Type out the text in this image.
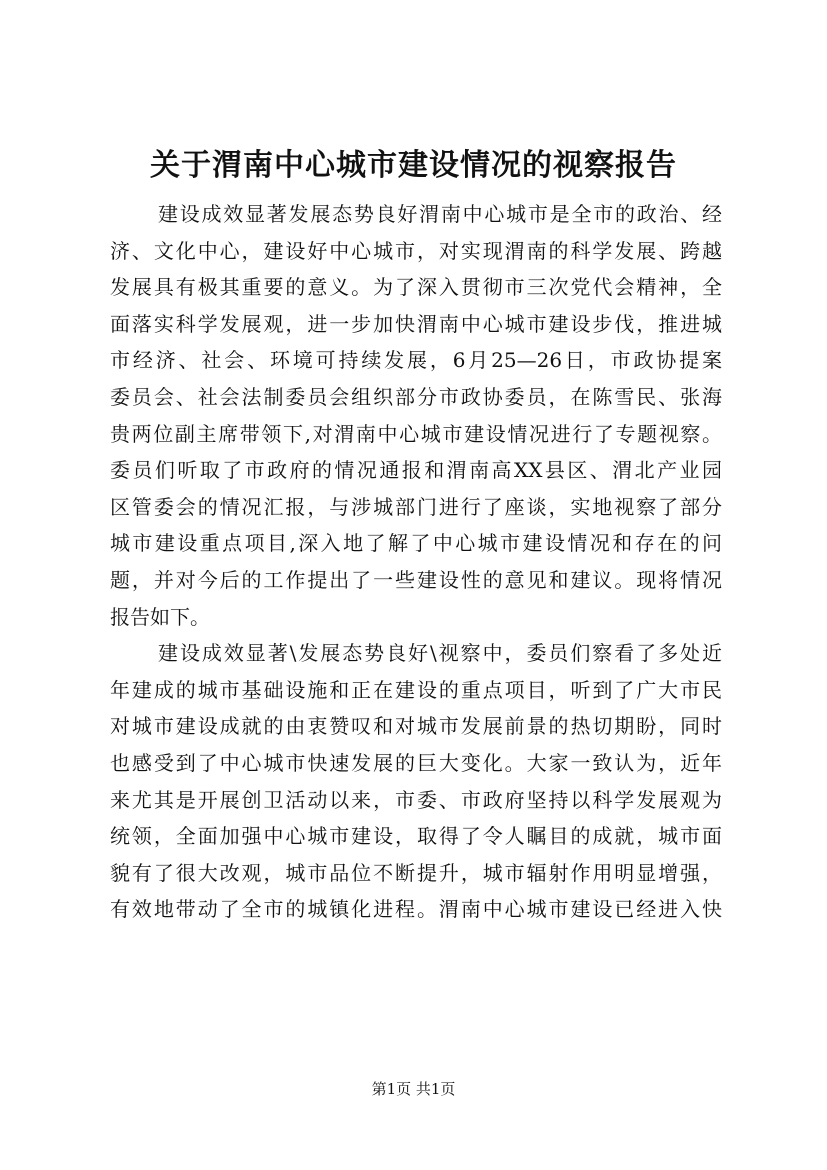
关于渭南中心城市建设情况的视察报告
建设成效显著发展态势良好渭南中心城市是全市的政治、经
济、文化中心，建设好中心城市，对实现渭南的科学发展、跨越
发展具有极其重要的意义。为了深入贯彻市三次党代会精神，全
面落实科学发展观，进一步加快渭南中心城市建设步伐，推进城
市经济、社会、环境可持续发展，6月25—26日，市政协提案
委员会、社会法制委员会组织部分市政协委员，在陈雪民、张海
贵两位副主席带领下,对渭南中心城市建设情况进行了专题视察。
委员们听取了市政府的情况通报和渭南高XX县区、渭北产业园
区管委会的情况汇报，与涉城部门进行了座谈，实地视察了部分
城市建设重点项目,深入地了解了中心城市建设情况和存在的问
题，并对今后的工作提出了一些建设性的意见和建议。现将情况
报告如下。
建设成效显著\发展态势良好\视察中，委员们察看了多处近
年建成的城市基础设施和正在建设的重点项目，听到了广大市民
对城市建设成就的由衷赞叹和对城市发展前景的热切期盼，同时
也感受到了中心城市快速发展的巨大变化。大家一致认为，近年
来尤其是开展创卫活动以来，市委、市政府坚持以科学发展观为
统领，全面加强中心城市建设，取得了令人瞩目的成就，城市面
貌有了很大改观，城市品位不断提升，城市辐射作用明显增强，
有效地带动了全市的城镇化进程。渭南中心城市建设已经进入快
第1页 共1页
